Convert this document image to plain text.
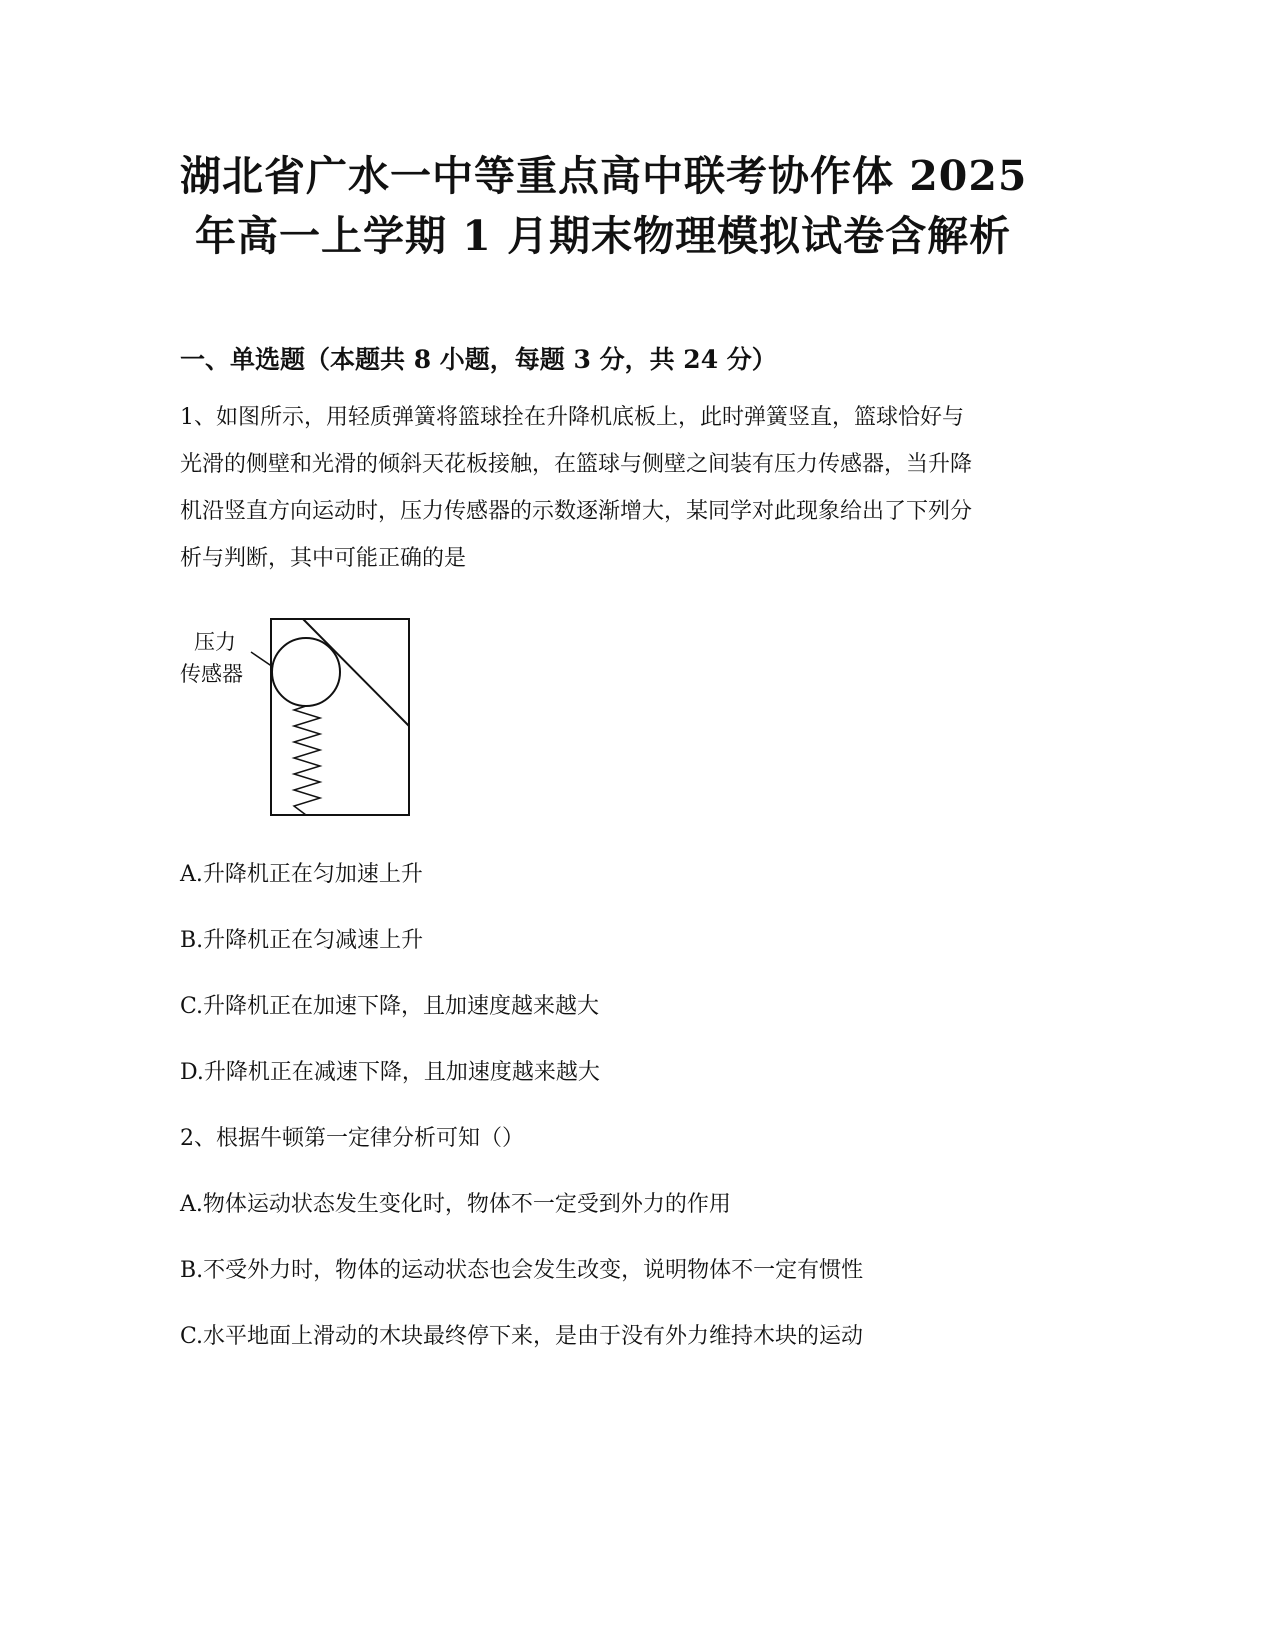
湖北省广水一中等重点高中联考协作体 2025
年高一上学期 1 月期末物理模拟试卷含解析
一、单选题（本题共 8 小题，每题 3 分，共 24 分）
1、如图所示，用轻质弹簧将篮球拴在升降机底板上，此时弹簧竖直，篮球恰好与
光滑的侧壁和光滑的倾斜天花板接触，在篮球与侧壁之间装有压力传感器，当升降
机沿竖直方向运动时，压力传感器的示数逐渐增大，某同学对此现象给出了下列分
析与判断，其中可能正确的是
压力
传感器

A.升降机正在匀加速上升

B.升降机正在匀减速上升

C.升降机正在加速下降，且加速度越来越大

D.升降机正在减速下降，且加速度越来越大

2、根据牛顿第一定律分析可知（）

A.物体运动状态发生变化时，物体不一定受到外力的作用

B.不受外力时，物体的运动状态也会发生改变，说明物体不一定有惯性

C.水平地面上滑动的木块最终停下来，是由于没有外力维持木块的运动
